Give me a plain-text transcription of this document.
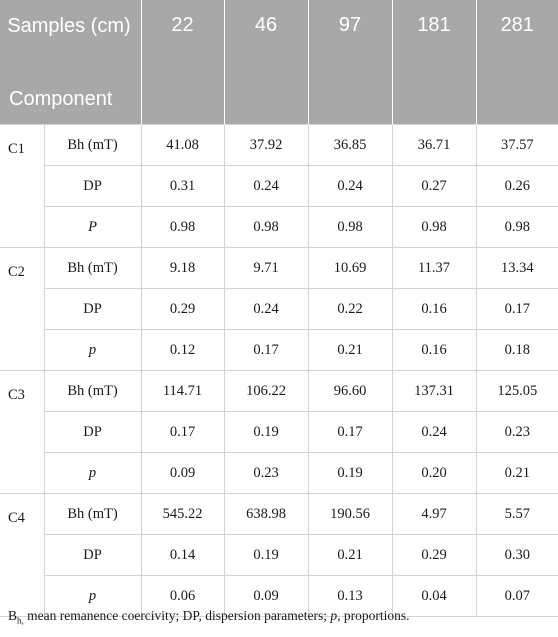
Samples (cm)
Component		22	46	97	181	281
C1	Bh (mT)	41.08	37.92	36.85	36.71	37.57
	DP	0.31	0.24	0.24	0.27	0.26
	P	0.98	0.98	0.98	0.98	0.98
C2	Bh (mT)	9.18	9.71	10.69	11.37	13.34
	DP	0.29	0.24	0.22	0.16	0.17
	p	0.12	0.17	0.21	0.16	0.18
C3	Bh (mT)	114.71	106.22	96.60	137.31	125.05
	DP	0.17	0.19	0.17	0.24	0.23
	p	0.09	0.23	0.19	0.20	0.21
C4	Bh (mT)	545.22	638.98	190.56	4.97	5.57
	DP	0.14	0.19	0.21	0.29	0.30
	p	0.06	0.09	0.13	0.04	0.07
$B_{h,}$ mean remanence coercivity; DP, dispersion parameters; p, proportions.
